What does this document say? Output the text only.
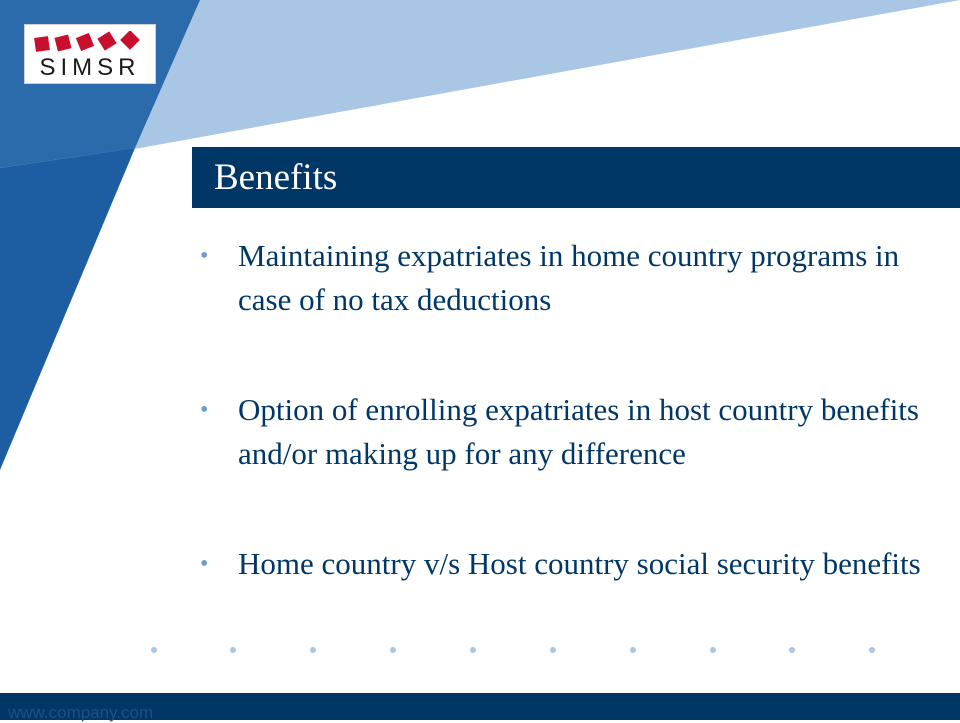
SIMSR
Benefits
• Maintaining expatriates in home country programs in case of no tax deductions
• Option of enrolling expatriates in host country benefits and/or making up for any difference
• Home country v/s Host country social security benefits
www.company.com
